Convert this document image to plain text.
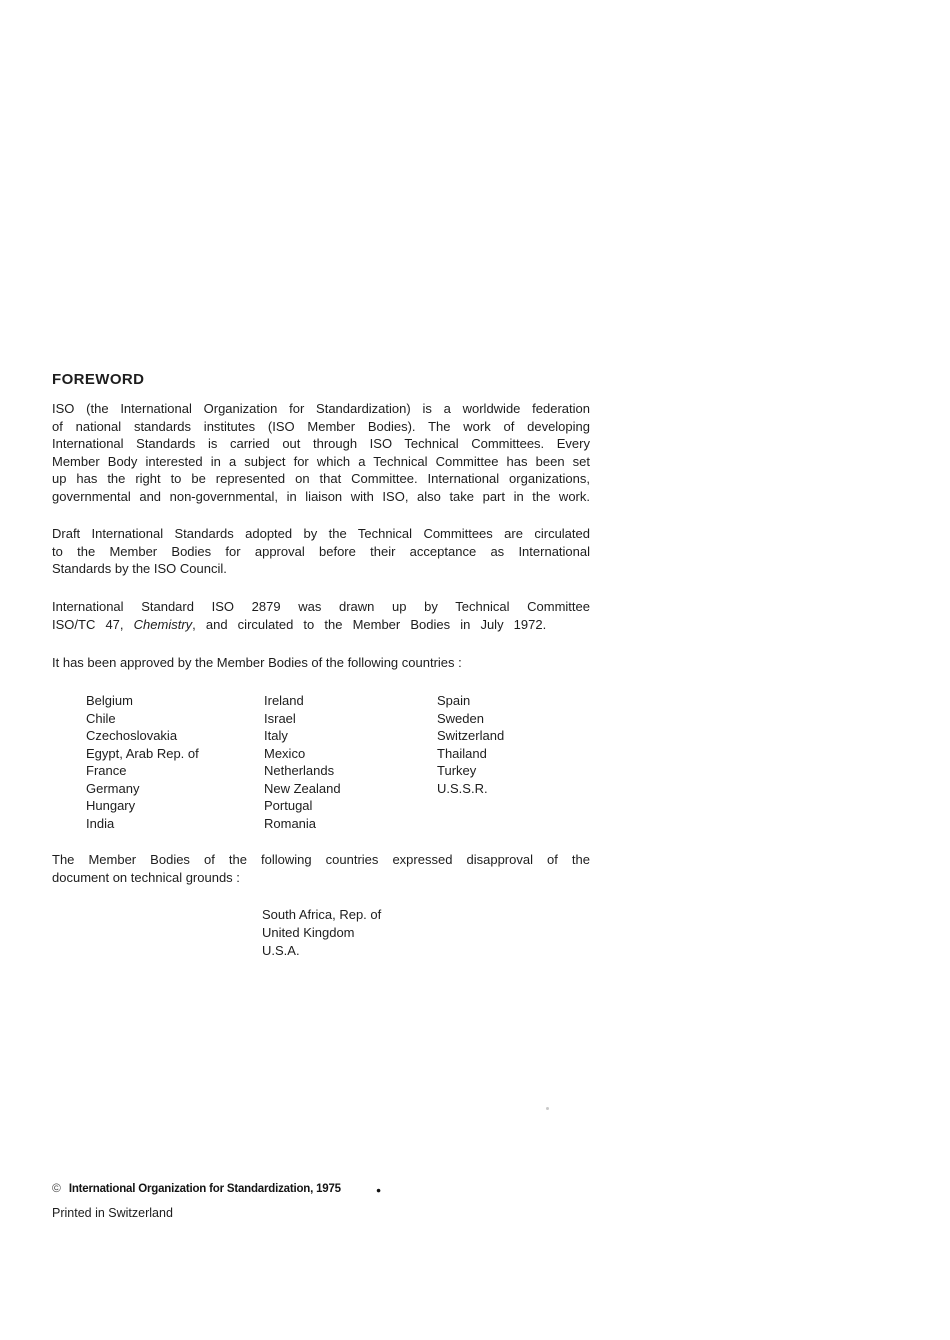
FOREWORD
ISO (the International Organization for Standardization) is a worldwide federation
of national standards institutes (ISO Member Bodies). The work of developing
International Standards is carried out through ISO Technical Committees. Every
Member Body interested in a subject for which a Technical Committee has been set
up has the right to be represented on that Committee. International organizations,
governmental and non-governmental, in liaison with ISO, also take part in the work.
Draft International Standards adopted by the Technical Committees are circulated
to the Member Bodies for approval before their acceptance as International
Standards by the ISO Council.
International Standard ISO 2879 was drawn up by Technical Committee
ISO/TC 47, Chemistry, and circulated to the Member Bodies in July 1972.
It has been approved by the Member Bodies of the following countries :
Belgium
Chile
Czechoslovakia
Egypt, Arab Rep. of
France
Germany
Hungary
India
Ireland
Israel
Italy
Mexico
Netherlands
New Zealand
Portugal
Romania
Spain
Sweden
Switzerland
Thailand
Turkey
U.S.S.R.
The Member Bodies of the following countries expressed disapproval of the
document on technical grounds :
South Africa, Rep. of
United Kingdom
U.S.A.
© International Organization for Standardization, 1975	●
Printed in Switzerland
